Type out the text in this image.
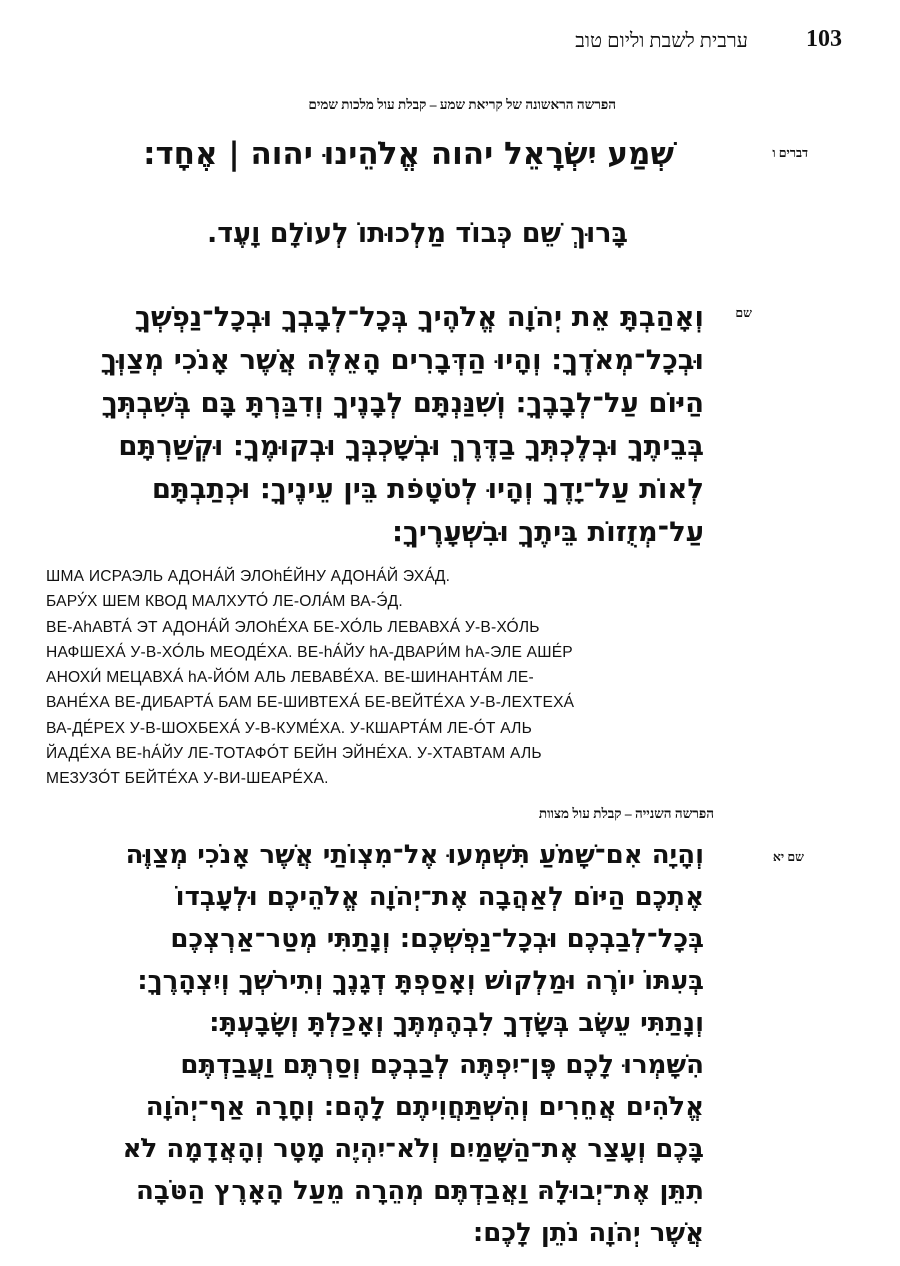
103
ערבית לשבת וליום טוב
הפרשה הראשונה של קריאת שמע – קבלת עול מלכות שמים
דברים ו
שְׁמַע יִשְׂרָאֵל יהוה אֱלֹהֵינוּ יהוה | אֶחָד:
בָּרוּךְ שֵׁם כְּבוֹד מַלְכוּתוֹ לְעוֹלָם וָעֶד.
שם
וְאָהַבְתָּ אֵת יְהֹוָה אֱלֹהֶיךָ בְּכָל־לְבָבְךָ וּבְכָל־נַפְשְׁךָ
וּבְכָל־מְאֹדֶךָ: וְהָיוּ הַדְּבָרִים הָאֵלֶּה אֲשֶׁר אָנֹכִי מְצַוְּךָ
הַיּוֹם עַל־לְבָבֶךָ: וְשִׁנַּנְתָּם לְבָנֶיךָ וְדִבַּרְתָּ בָּם בְּשִׁבְתְּךָ
בְּבֵיתֶךָ וּבְלֶכְתְּךָ בַדֶּרֶךְ וּבְשָׁכְבְּךָ וּבְקוּמֶךָ: וּקְשַׁרְתָּם
לְאוֹת עַל־יָדֶךָ וְהָיוּ לְטֹטָפֹת בֵּין עֵינֶיךָ: וּכְתַבְתָּם
עַל־מְזֻזוֹת בֵּיתֶךָ וּבִשְׁעָרֶיךָ:
ШМА ИСРАЭЛЬ АДОНА́Й ЭЛОhЕ́ЙНУ АДОНА́Й ЭХА́Д.
БАРУ́Х ШЕМ КВОД МАЛХУТО́ ЛЕ-ОЛА́М ВА-Э́Д.
ВЕ-АhАВТА́ ЭТ АДОНА́Й ЭЛОhЕ́ХА БЕ-ХО́ЛЬ ЛЕВАВХА́ У-В-ХО́ЛЬ
НАФШЕХА́ У-В-ХО́ЛЬ МЕОДЕ́ХА. ВЕ-hА́ЙУ hА-ДВАРИ́М hА-ЭЛЕ АШЕ́Р
АНОХИ́ МЕЦАВХА́ hА-ЙО́М АЛЬ ЛЕВАВЕ́ХА. ВЕ-ШИНАНТА́М ЛЕ-
ВАНЕ́ХА ВЕ-ДИБАРТА́ БАМ БЕ-ШИВТЕХА́ БЕ-ВЕЙТЕ́ХА У-В-ЛЕХТЕХА́
ВА-ДЕ́РЕХ У-В-ШОХБЕХА́ У-В-КУМЕ́ХА. У-КШАРТА́М ЛЕ-О́Т АЛЬ
ЙАДЕ́ХА ВЕ-hА́ЙУ ЛЕ-ТОТАФО́Т БЕЙН ЭЙНЕ́ХА. У-ХТАВТАМ АЛЬ
МЕЗУЗО́Т БЕЙТЕ́ХА У-ВИ-ШЕАРЕ́ХА.
הפרשה השנייה – קבלת עול מצוות
שם יא
וְהָיָה אִם־שָׁמֹעַ תִּשְׁמְעוּ אֶל־מִצְוֹתַי אֲשֶׁר אָנֹכִי מְצַוֶּה
אֶתְכֶם הַיּוֹם לְאַהֲבָה אֶת־יְהֹוָה אֱלֹהֵיכֶם וּלְעָבְדוֹ
בְּכָל־לְבַבְכֶם וּבְכָל־נַפְשְׁכֶם: וְנָתַתִּי מְטַר־אַרְצְכֶם
בְּעִתּוֹ יוֹרֶה וּמַלְקוֹשׁ וְאָסַפְתָּ דְגָנֶךָ וְתִירֹשְׁךָ וְיִצְהָרֶךָ:
וְנָתַתִּי עֵשֶׂב בְּשָׂדְךָ לִבְהֶמְתֶּךָ וְאָכַלְתָּ וְשָׂבָעְתָּ:
הִשָּׁמְרוּ לָכֶם פֶּן־יִפְתֶּה לְבַבְכֶם וְסַרְתֶּם וַעֲבַדְתֶּם
אֱלֹהִים אֲחֵרִים וְהִשְׁתַּחֲוִיתֶם לָהֶם: וְחָרָה אַף־יְהֹוָה
בָּכֶם וְעָצַר אֶת־הַשָּׁמַיִם וְלֹא־יִהְיֶה מָטָר וְהָאֲדָמָה לֹא
תִתֵּן אֶת־יְבוּלָהּ וַאֲבַדְתֶּם מְהֵרָה מֵעַל הָאָרֶץ הַטֹּבָה
אֲשֶׁר יְהֹוָה נֹתֵן לָכֶם:
